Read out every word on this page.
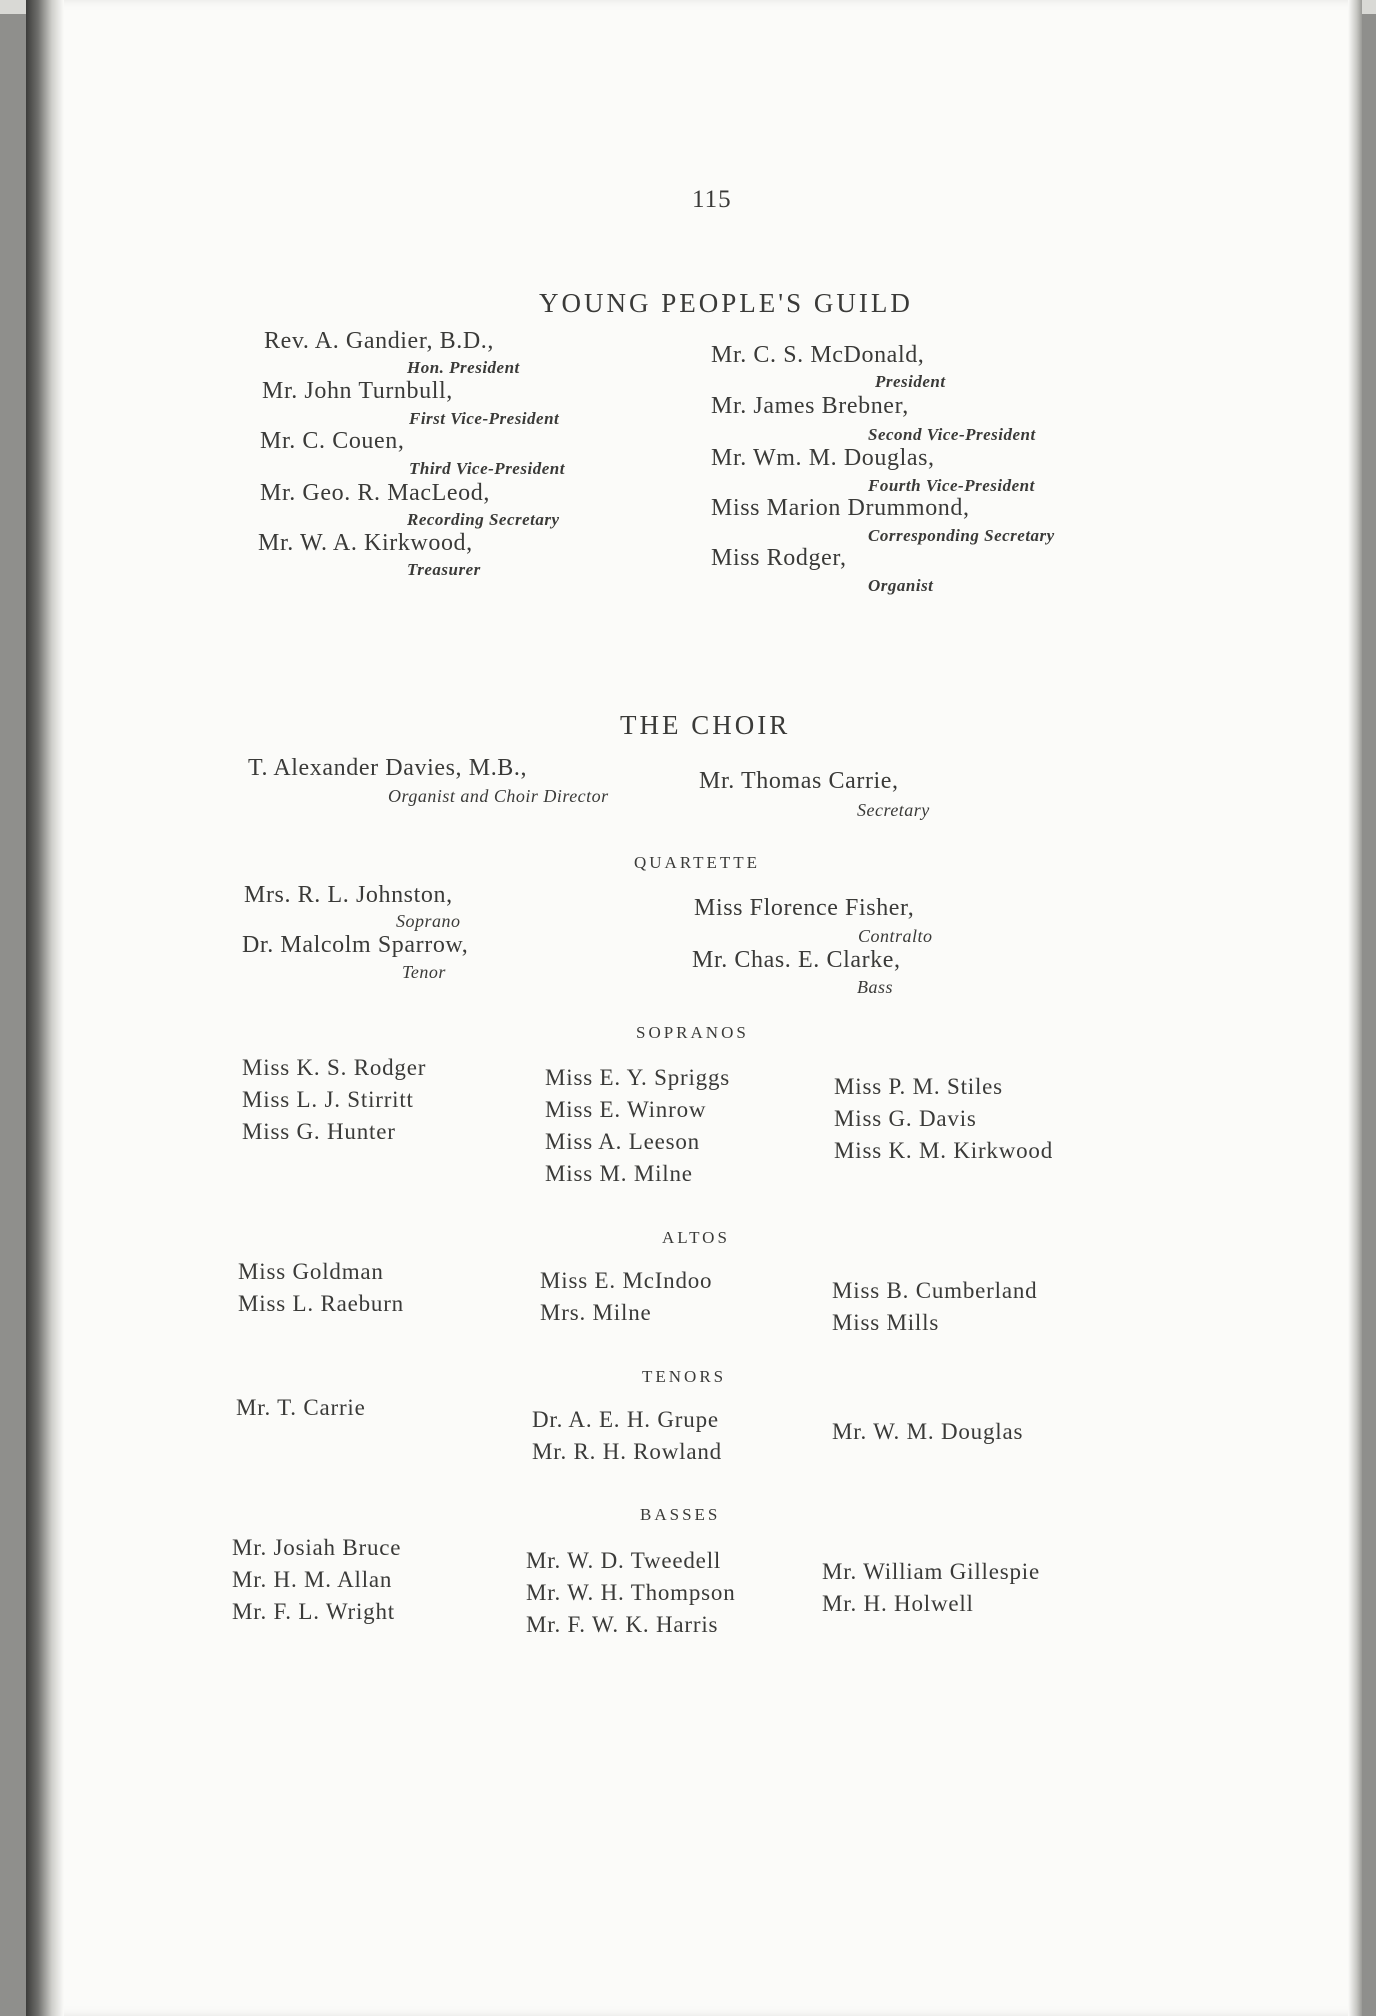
115
YOUNG PEOPLE'S GUILD
Rev. A. Gandier, B.D.,
Hon. President
Mr. John Turnbull,
First Vice-President
Mr. C. Couen,
Third Vice-President
Mr. Geo. R. MacLeod,
Recording Secretary
Mr. W. A. Kirkwood,
Treasurer
Mr. C. S. McDonald,
President
Mr. James Brebner,
Second Vice-President
Mr. Wm. M. Douglas,
Fourth Vice-President
Miss Marion Drummond,
Corresponding Secretary
Miss Rodger,
Organist
THE CHOIR
T. Alexander Davies, M.B.,
Organist and Choir Director
Mr. Thomas Carrie,
Secretary
QUARTETTE
Mrs. R. L. Johnston,
Soprano
Dr. Malcolm Sparrow,
Tenor
Miss Florence Fisher,
Contralto
Mr. Chas. E. Clarke,
Bass
SOPRANOS
Miss K. S. Rodger
Miss L. J. Stirritt
Miss G. Hunter
Miss E. Y. Spriggs
Miss E. Winrow
Miss A. Leeson
Miss M. Milne
Miss P. M. Stiles
Miss G. Davis
Miss K. M. Kirkwood
ALTOS
Miss Goldman
Miss L. Raeburn
Miss E. McIndoo
Mrs. Milne
Miss B. Cumberland
Miss Mills
TENORS
Mr. T. Carrie	Dr. A. E. H. Grupe
Mr. R. H. Rowland
Mr. W. M. Douglas
BASSES
Mr. Josiah Bruce
Mr. H. M. Allan
Mr. F. L. Wright
Mr. W. D. Tweedell
Mr. W. H. Thompson
Mr. F. W. K. Harris
Mr. William Gillespie
Mr. H. Holwell
